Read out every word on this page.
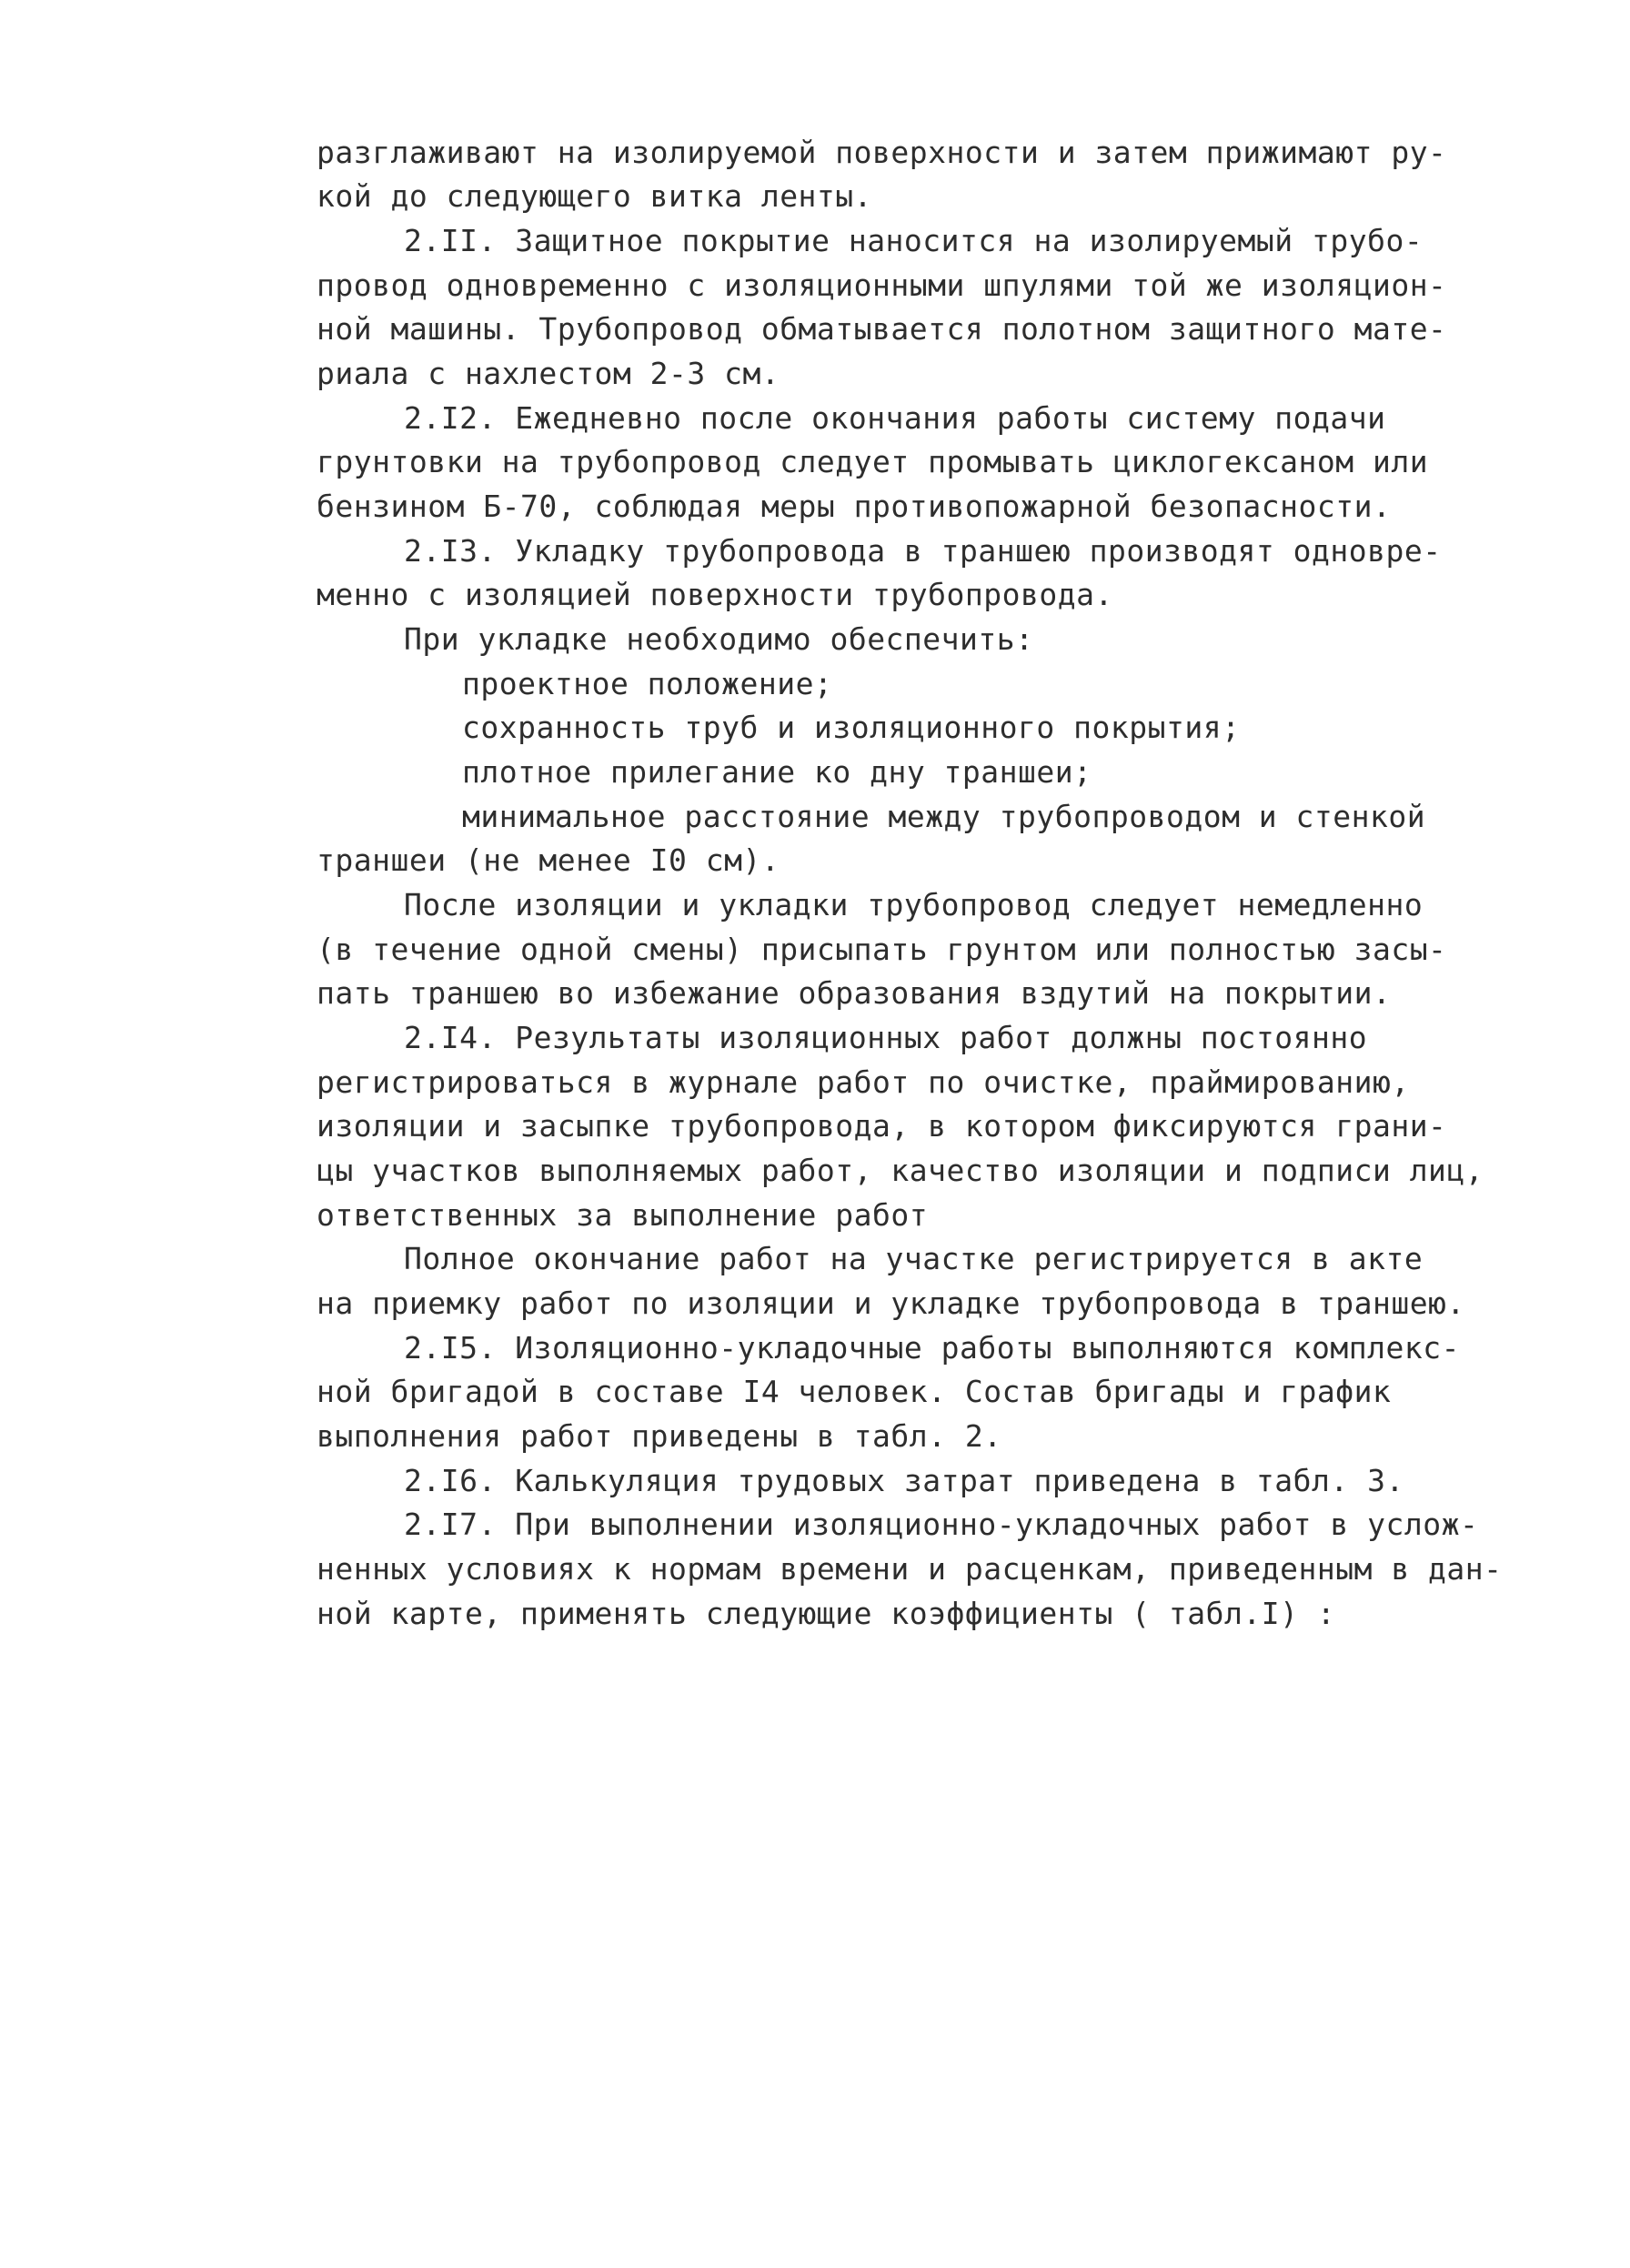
разглаживают на изолируемой поверхности и затем прижимают ру-
кой до следующего витка ленты.
2.II. Защитное покрытие наносится на изолируемый трубо-
провод одновременно с изоляционными шпулями той же изоляцион-
ной машины. Трубопровод обматывается полотном защитного мате-
риала с нахлестом 2-3 см.
2.I2. Ежедневно после окончания работы систему подачи
грунтовки на трубопровод следует промывать циклогексаном или
бензином Б-70, соблюдая меры противопожарной безопасности.
2.I3. Укладку трубопровода в траншею производят одновре-
менно с изоляцией поверхности трубопровода.
При укладке необходимо обеспечить:
проектное положение;
сохранность труб и изоляционного покрытия;
плотное прилегание ко дну траншеи;
минимальное расстояние между трубопроводом и стенкой
траншеи (не менее I0 см).
После изоляции и укладки трубопровод следует немедленно
(в течение одной смены) присыпать грунтом или полностью засы-
пать траншею во избежание образования вздутий на покрытии.
2.I4. Результаты изоляционных работ должны постоянно
регистрироваться в журнале работ по очистке, праймированию,
изоляции и засыпке трубопровода, в котором фиксируются грани-
цы участков выполняемых работ, качество изоляции и подписи лиц,
ответственных за выполнение работ
Полное окончание работ на участке регистрируется в акте
на приемку работ по изоляции и укладке трубопровода в траншею.
2.I5. Изоляционно-укладочные работы выполняются комплекс-
ной бригадой в составе I4 человек. Состав бригады и график
выполнения работ приведены в табл. 2.
2.I6. Калькуляция трудовых затрат приведена в табл. 3.
2.I7. При выполнении изоляционно-укладочных работ в услож-
ненных условиях к нормам времени и расценкам, приведенным в дан-
ной карте, применять следующие коэффициенты ( табл.I) :
